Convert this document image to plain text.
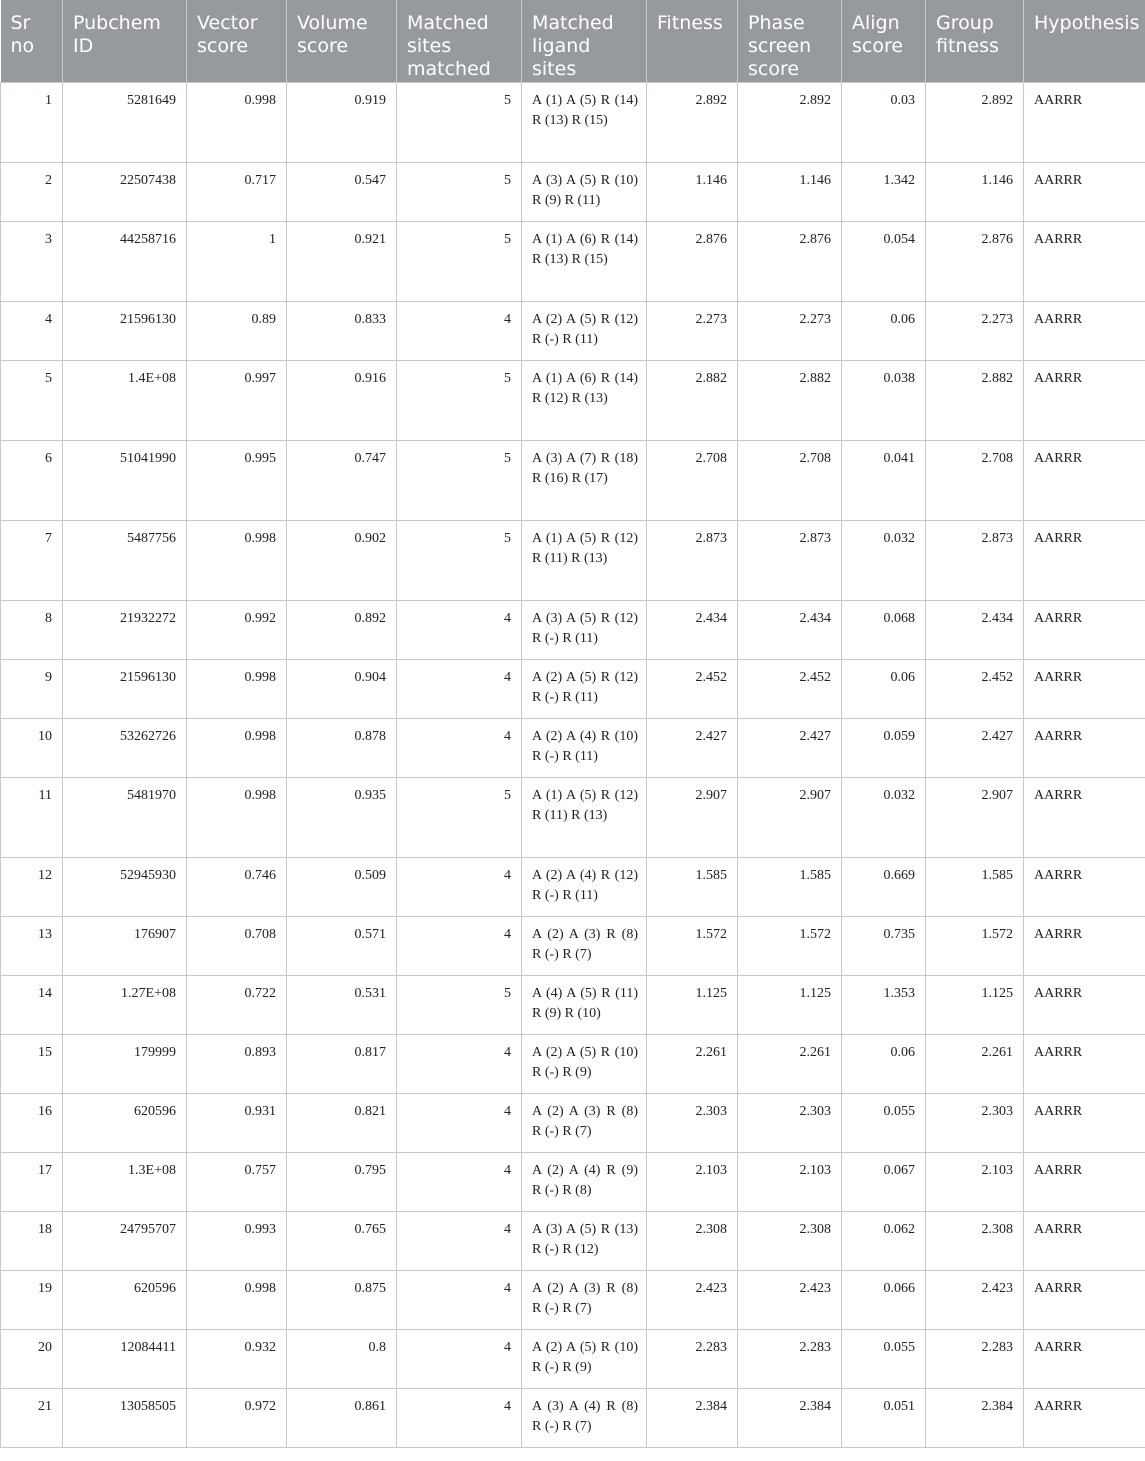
Sr no	Pubchem ID	Vector score	Volume score	Matched sites matched	Matched ligand sites	Fitness	Phase screen score	Align score	Group fitness	Hypothesis
1	5281649	0.998	0.919	5	A (1) A (5) R (14) R (13) R (15)	2.892	2.892	0.03	2.892	AARRR
2	22507438	0.717	0.547	5	A (3) A (5) R (10) R (9) R (11)	1.146	1.146	1.342	1.146	AARRR
3	44258716	1	0.921	5	A (1) A (6) R (14) R (13) R (15)	2.876	2.876	0.054	2.876	AARRR
4	21596130	0.89	0.833	4	A (2) A (5) R (12) R (-) R (11)	2.273	2.273	0.06	2.273	AARRR
5	1.4E+08	0.997	0.916	5	A (1) A (6) R (14) R (12) R (13)	2.882	2.882	0.038	2.882	AARRR
6	51041990	0.995	0.747	5	A (3) A (7) R (18) R (16) R (17)	2.708	2.708	0.041	2.708	AARRR
7	5487756	0.998	0.902	5	A (1) A (5) R (12) R (11) R (13)	2.873	2.873	0.032	2.873	AARRR
8	21932272	0.992	0.892	4	A (3) A (5) R (12) R (-) R (11)	2.434	2.434	0.068	2.434	AARRR
9	21596130	0.998	0.904	4	A (2) A (5) R (12) R (-) R (11)	2.452	2.452	0.06	2.452	AARRR
10	53262726	0.998	0.878	4	A (2) A (4) R (10) R (-) R (11)	2.427	2.427	0.059	2.427	AARRR
11	5481970	0.998	0.935	5	A (1) A (5) R (12) R (11) R (13)	2.907	2.907	0.032	2.907	AARRR
12	52945930	0.746	0.509	4	A (2) A (4) R (12) R (-) R (11)	1.585	1.585	0.669	1.585	AARRR
13	176907	0.708	0.571	4	A (2) A (3) R (8) R (-) R (7)	1.572	1.572	0.735	1.572	AARRR
14	1.27E+08	0.722	0.531	5	A (4) A (5) R (11) R (9) R (10)	1.125	1.125	1.353	1.125	AARRR
15	179999	0.893	0.817	4	A (2) A (5) R (10) R (-) R (9)	2.261	2.261	0.06	2.261	AARRR
16	620596	0.931	0.821	4	A (2) A (3) R (8) R (-) R (7)	2.303	2.303	0.055	2.303	AARRR
17	1.3E+08	0.757	0.795	4	A (2) A (4) R (9) R (-) R (8)	2.103	2.103	0.067	2.103	AARRR
18	24795707	0.993	0.765	4	A (3) A (5) R (13) R (-) R (12)	2.308	2.308	0.062	2.308	AARRR
19	620596	0.998	0.875	4	A (2) A (3) R (8) R (-) R (7)	2.423	2.423	0.066	2.423	AARRR
20	12084411	0.932	0.8	4	A (2) A (5) R (10) R (-) R (9)	2.283	2.283	0.055	2.283	AARRR
21	13058505	0.972	0.861	4	A (3) A (4) R (8) R (-) R (7)	2.384	2.384	0.051	2.384	AARRR
